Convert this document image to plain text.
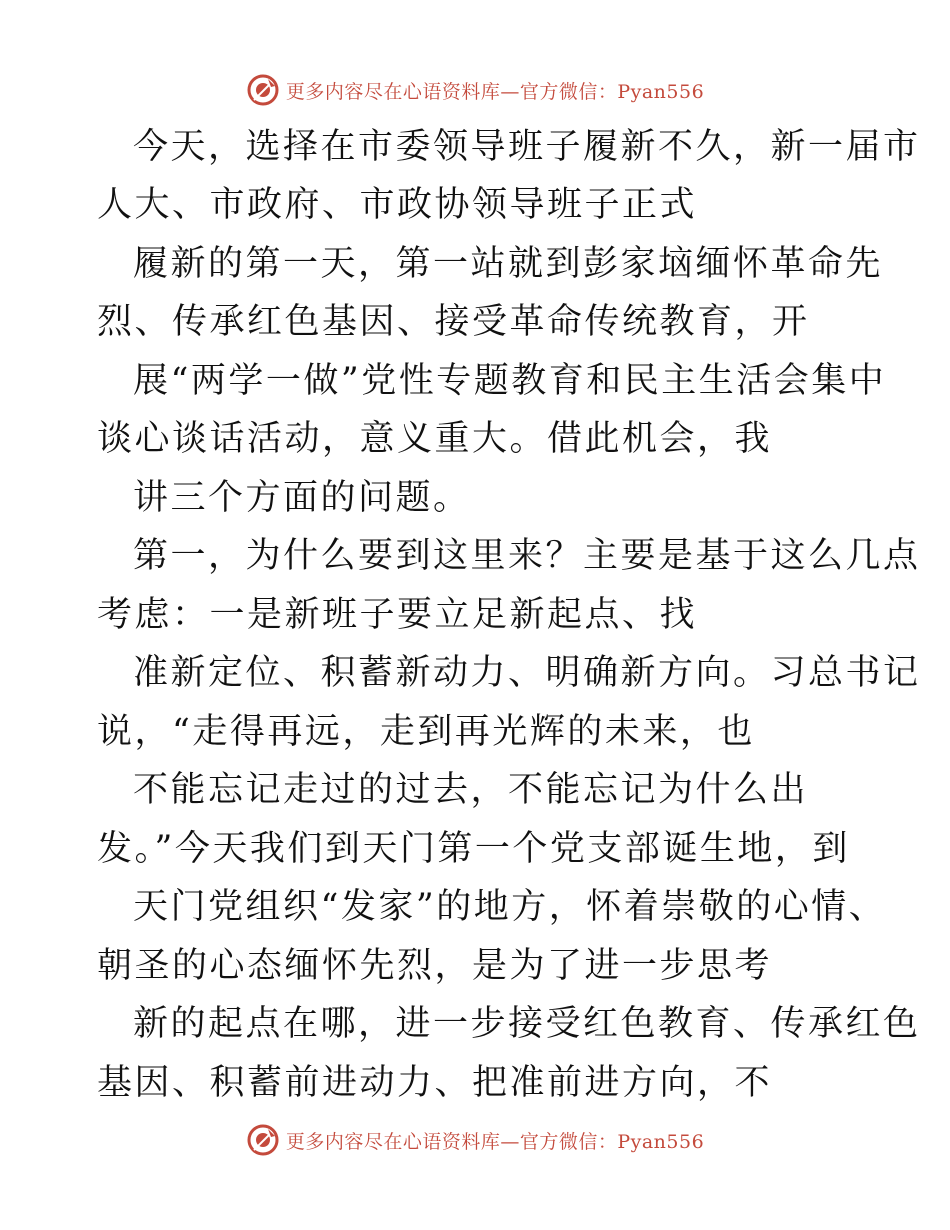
更多内容尽在心语资料库—官方微信：Pyan556
今天，选择在市委领导班子履新不久，新一届市
人大、市政府、市政协领导班子正式
履新的第一天，第一站就到彭家垴缅怀革命先
烈、传承红色基因、接受革命传统教育，开
展“两学一做”党性专题教育和民主生活会集中
谈心谈话活动，意义重大。借此机会，我
讲三个方面的问题。
第一，为什么要到这里来？主要是基于这么几点
考虑：一是新班子要立足新起点、找
准新定位、积蓄新动力、明确新方向。习总书记
说，“走得再远，走到再光辉的未来，也
不能忘记走过的过去，不能忘记为什么出
发。”今天我们到天门第一个党支部诞生地，到
天门党组织“发家”的地方，怀着崇敬的心情、
朝圣的心态缅怀先烈，是为了进一步思考
新的起点在哪，进一步接受红色教育、传承红色
基因、积蓄前进动力、把准前进方向，不
更多内容尽在心语资料库—官方微信：Pyan556
